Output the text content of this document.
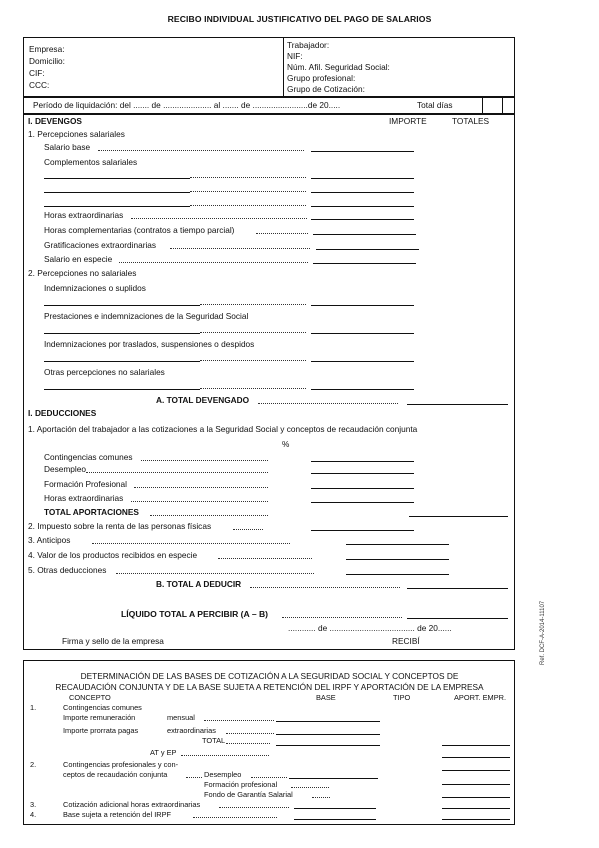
RECIBO INDIVIDUAL JUSTIFICATIVO DEL PAGO DE SALARIOS
Empresa:
Domicilio:
CIF:
CCC:
Trabajador:
NIF:
Núm. Afil. Seguridad Social:
Grupo profesional:
Grupo de Cotización:
Período de liquidación: del ....... de ..................... al ....... de ........................de 20.....	Total días
I. DEVENGOS	IMPORTE	TOTALES
1. Percepciones salariales
Salario base
Complementos salariales
Horas extraordinarias
Horas complementarias (contratos a tiempo parcial)
Gratificaciones extraordinarias
Salario en especie
2. Percepciones no salariales
Indemnizaciones o suplidos
Prestaciones e indemnizaciones de la Seguridad Social
Indemnizaciones por traslados, suspensiones o despidos
Otras percepciones no salariales
A. TOTAL DEVENGADO
I. DEDUCCIONES
1. Aportación del trabajador a las cotizaciones a la Seguridad Social y conceptos de recaudación conjunta
%
Contingencias comunes
Desempleo
Formación Profesional
Horas extraordinarias
TOTAL APORTACIONES
2. Impuesto sobre la renta de las personas físicas
3. Anticipos
4. Valor de los productos recibidos en especie
5. Otras deducciones
B. TOTAL A DEDUCIR
LÍQUIDO TOTAL A PERCIBIR (A – B)
............ de ..................................... de 20......
Firma y sello de la empresa	RECIBÍ	Ref. DCF-A-2014-11107
DETERMINACIÓN DE LAS BASES DE COTIZACIÓN A LA SEGURIDAD SOCIAL Y CONCEPTOS DE
RECAUDACIÓN CONJUNTA Y DE LA BASE SUJETA A RETENCIÓN DEL IRPF Y APORTACIÓN DE LA EMPRESA
CONCEPTO	BASE	TIPO	APORT. EMPR.
1.	Contingencias comunes
Importe remuneración	mensual
Importe prorrata pagas	extraordinarias
TOTAL
AT y EP
2.	Contingencias profesionales y con-
ceptos de recaudación conjunta	Desempleo
Formación profesional
Fondo de Garantía Salarial
3.	Cotización adicional horas extraordinarias
4.	Base sujeta a retención del IRPF
